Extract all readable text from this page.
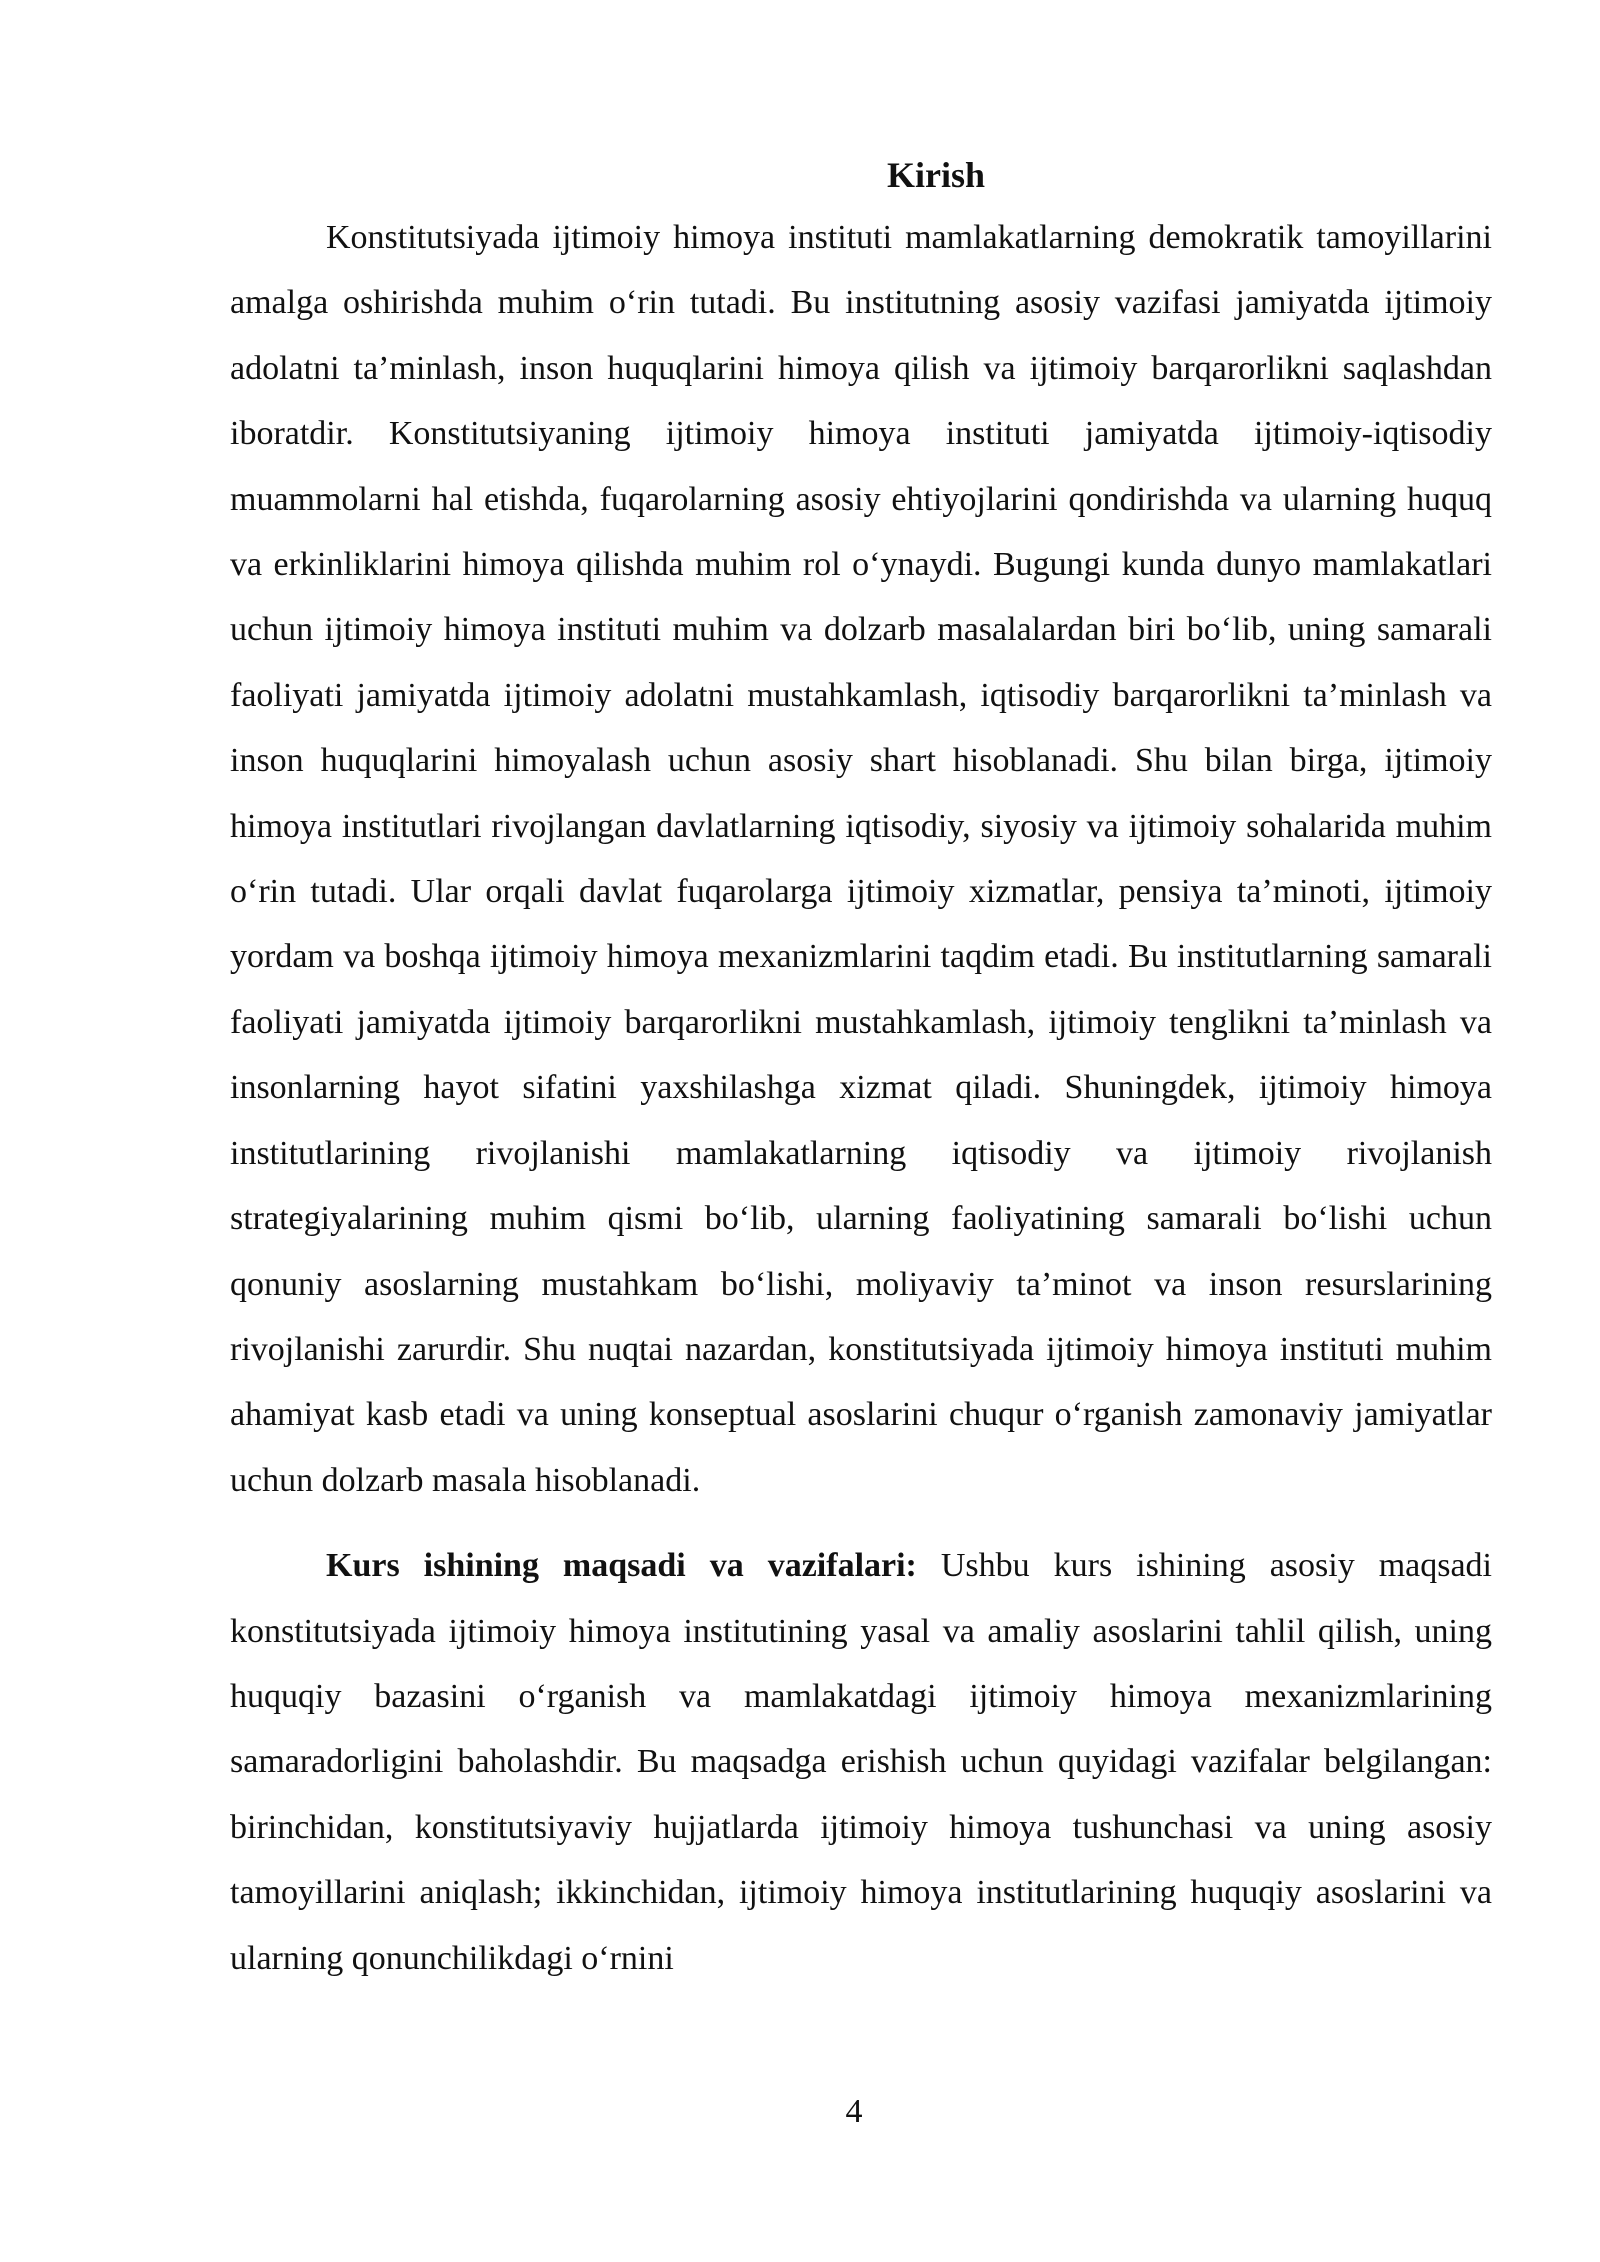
Kirish

Konstitutsiyada ijtimoiy himoya instituti mamlakatlarning demokratik tamoyillarini amalga oshirishda muhim o‘rin tutadi. Bu institutning asosiy vazifasi jamiyatda ijtimoiy adolatni ta’minlash, inson huquqlarini himoya qilish va ijtimoiy barqarorlikni saqlashdan iboratdir. Konstitutsiyaning ijtimoiy himoya instituti jamiyatda ijtimoiy-iqtisodiy muammolarni hal etishda, fuqarolarning asosiy ehtiyojlarini qondirishda va ularning huquq va erkinliklarini himoya qilishda muhim rol o‘ynaydi. Bugungi kunda dunyo mamlakatlari uchun ijtimoiy himoya instituti muhim va dolzarb masalalardan biri bo‘lib, uning samarali faoliyati jamiyatda ijtimoiy adolatni mustahkamlash, iqtisodiy barqarorlikni ta’minlash va inson huquqlarini himoyalash uchun asosiy shart hisoblanadi. Shu bilan birga, ijtimoiy himoya institutlari rivojlangan davlatlarning iqtisodiy, siyosiy va ijtimoiy sohalarida muhim o‘rin tutadi. Ular orqali davlat fuqarolarga ijtimoiy xizmatlar, pensiya ta’minoti, ijtimoiy yordam va boshqa ijtimoiy himoya mexanizmlarini taqdim etadi. Bu institutlarning samarali faoliyati jamiyatda ijtimoiy barqarorlikni mustahkamlash, ijtimoiy tenglikni ta’minlash va insonlarning hayot sifatini yaxshilashga xizmat qiladi. Shuningdek, ijtimoiy himoya institutlarining rivojlanishi mamlakatlarning iqtisodiy va ijtimoiy rivojlanish strategiyalarining muhim qismi bo‘lib, ularning faoliyatining samarali bo‘lishi uchun qonuniy asoslarning mustahkam bo‘lishi, moliyaviy ta’minot va inson resurslarining rivojlanishi zarurdir. Shu nuqtai nazardan, konstitutsiyada ijtimoiy himoya instituti muhim ahamiyat kasb etadi va uning konseptual asoslarini chuqur o‘rganish zamonaviy jamiyatlar uchun dolzarb masala hisoblanadi.

Kurs ishining maqsadi va vazifalari: Ushbu kurs ishining asosiy maqsadi konstitutsiyada ijtimoiy himoya institutining yasal va amaliy asoslarini tahlil qilish, uning huquqiy bazasini o‘rganish va mamlakatdagi ijtimoiy himoya mexanizmlarining samaradorligini baholashdir. Bu maqsadga erishish uchun quyidagi vazifalar belgilangan: birinchidan, konstitutsiyaviy hujjatlarda ijtimoiy himoya tushunchasi va uning asosiy tamoyillarini aniqlash; ikkinchidan, ijtimoiy himoya institutlarining huquqiy asoslarini va ularning qonunchilikdagi o‘rnini

4
